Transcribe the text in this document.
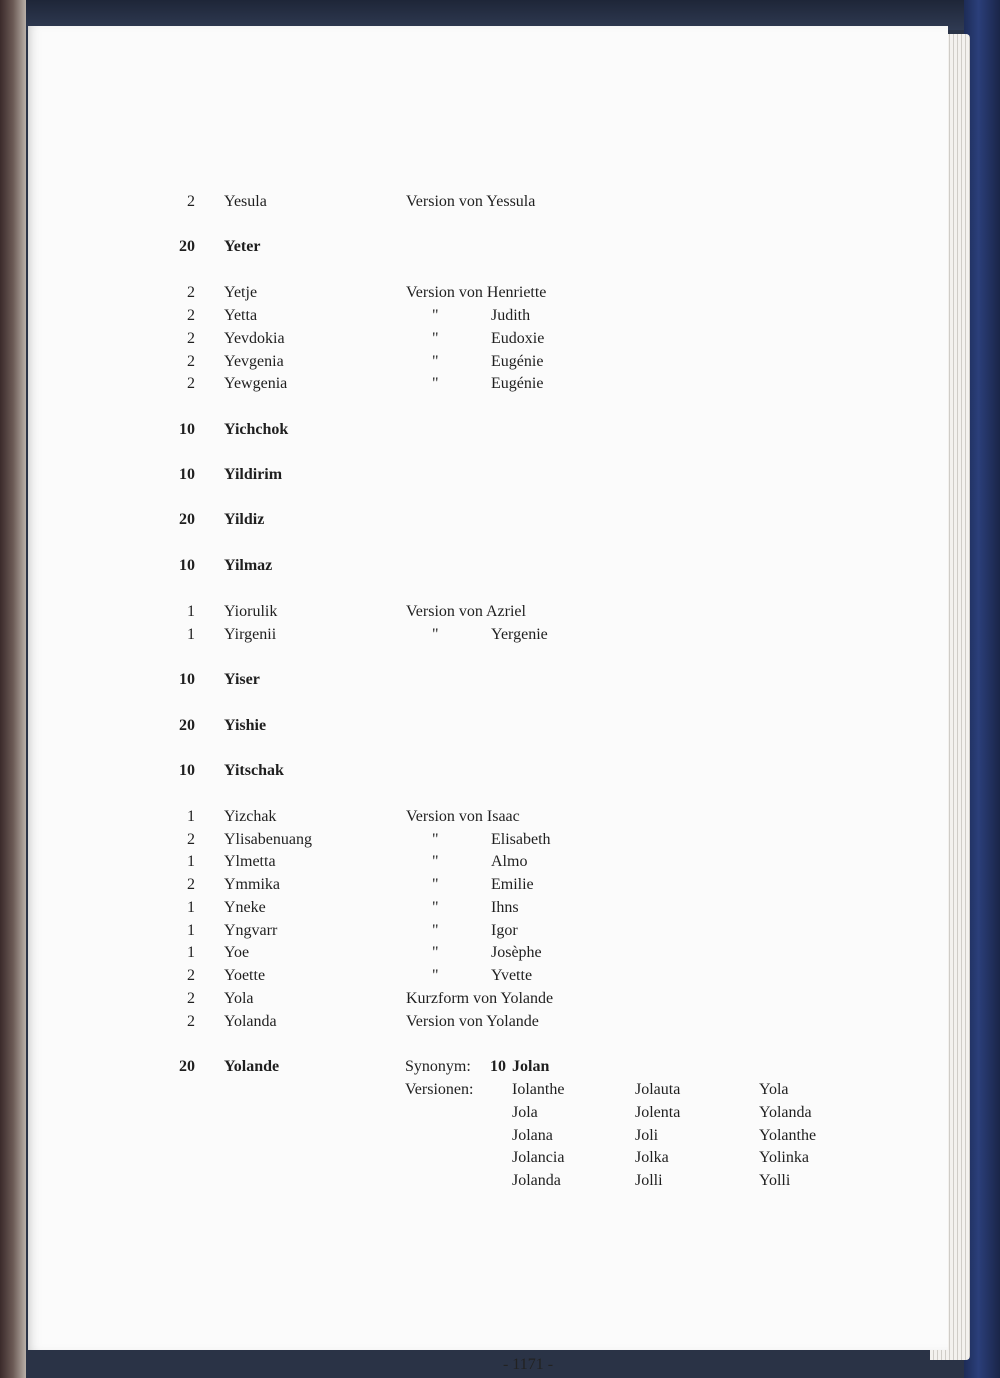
2 Yesula	Version von Yessula
20 Yeter
2 Yetje	Version von Henriette
2 Yetta	"	Judith
2 Yevdokia	"	Eudoxie
2 Yevgenia	"	Eugénie
2 Yewgenia	"	Eugénie
10 Yichchok
10 Yildirim
20 Yildiz
10 Yilmaz
1 Yiorulik	Version von Azriel
1 Yirgenii	"	Yergenie
10 Yiser
20 Yishie
10 Yitschak
1 Yizchak	Version von Isaac
2 Ylisabenuang	"	Elisabeth
1 Ylmetta	"	Almo
2 Ymmika	"	Emilie
1 Yneke	"	Ihns
1 Yngvarr	"	Igor
1 Yoe	"	Josèphe
2 Yoette	"	Yvette
2 Yola	Kurzform von Yolande
2 Yolanda	Version von Yolande
20 Yolande	Synonym: 10 Jolan
Versionen: Iolanthe	Jolauta	Yola
Jola	Jolenta	Yolanda
Jolana	Joli	Yolanthe
Jolancia	Jolka	Yolinka
Jolanda	Jolli	Yolli
- 1171 -
